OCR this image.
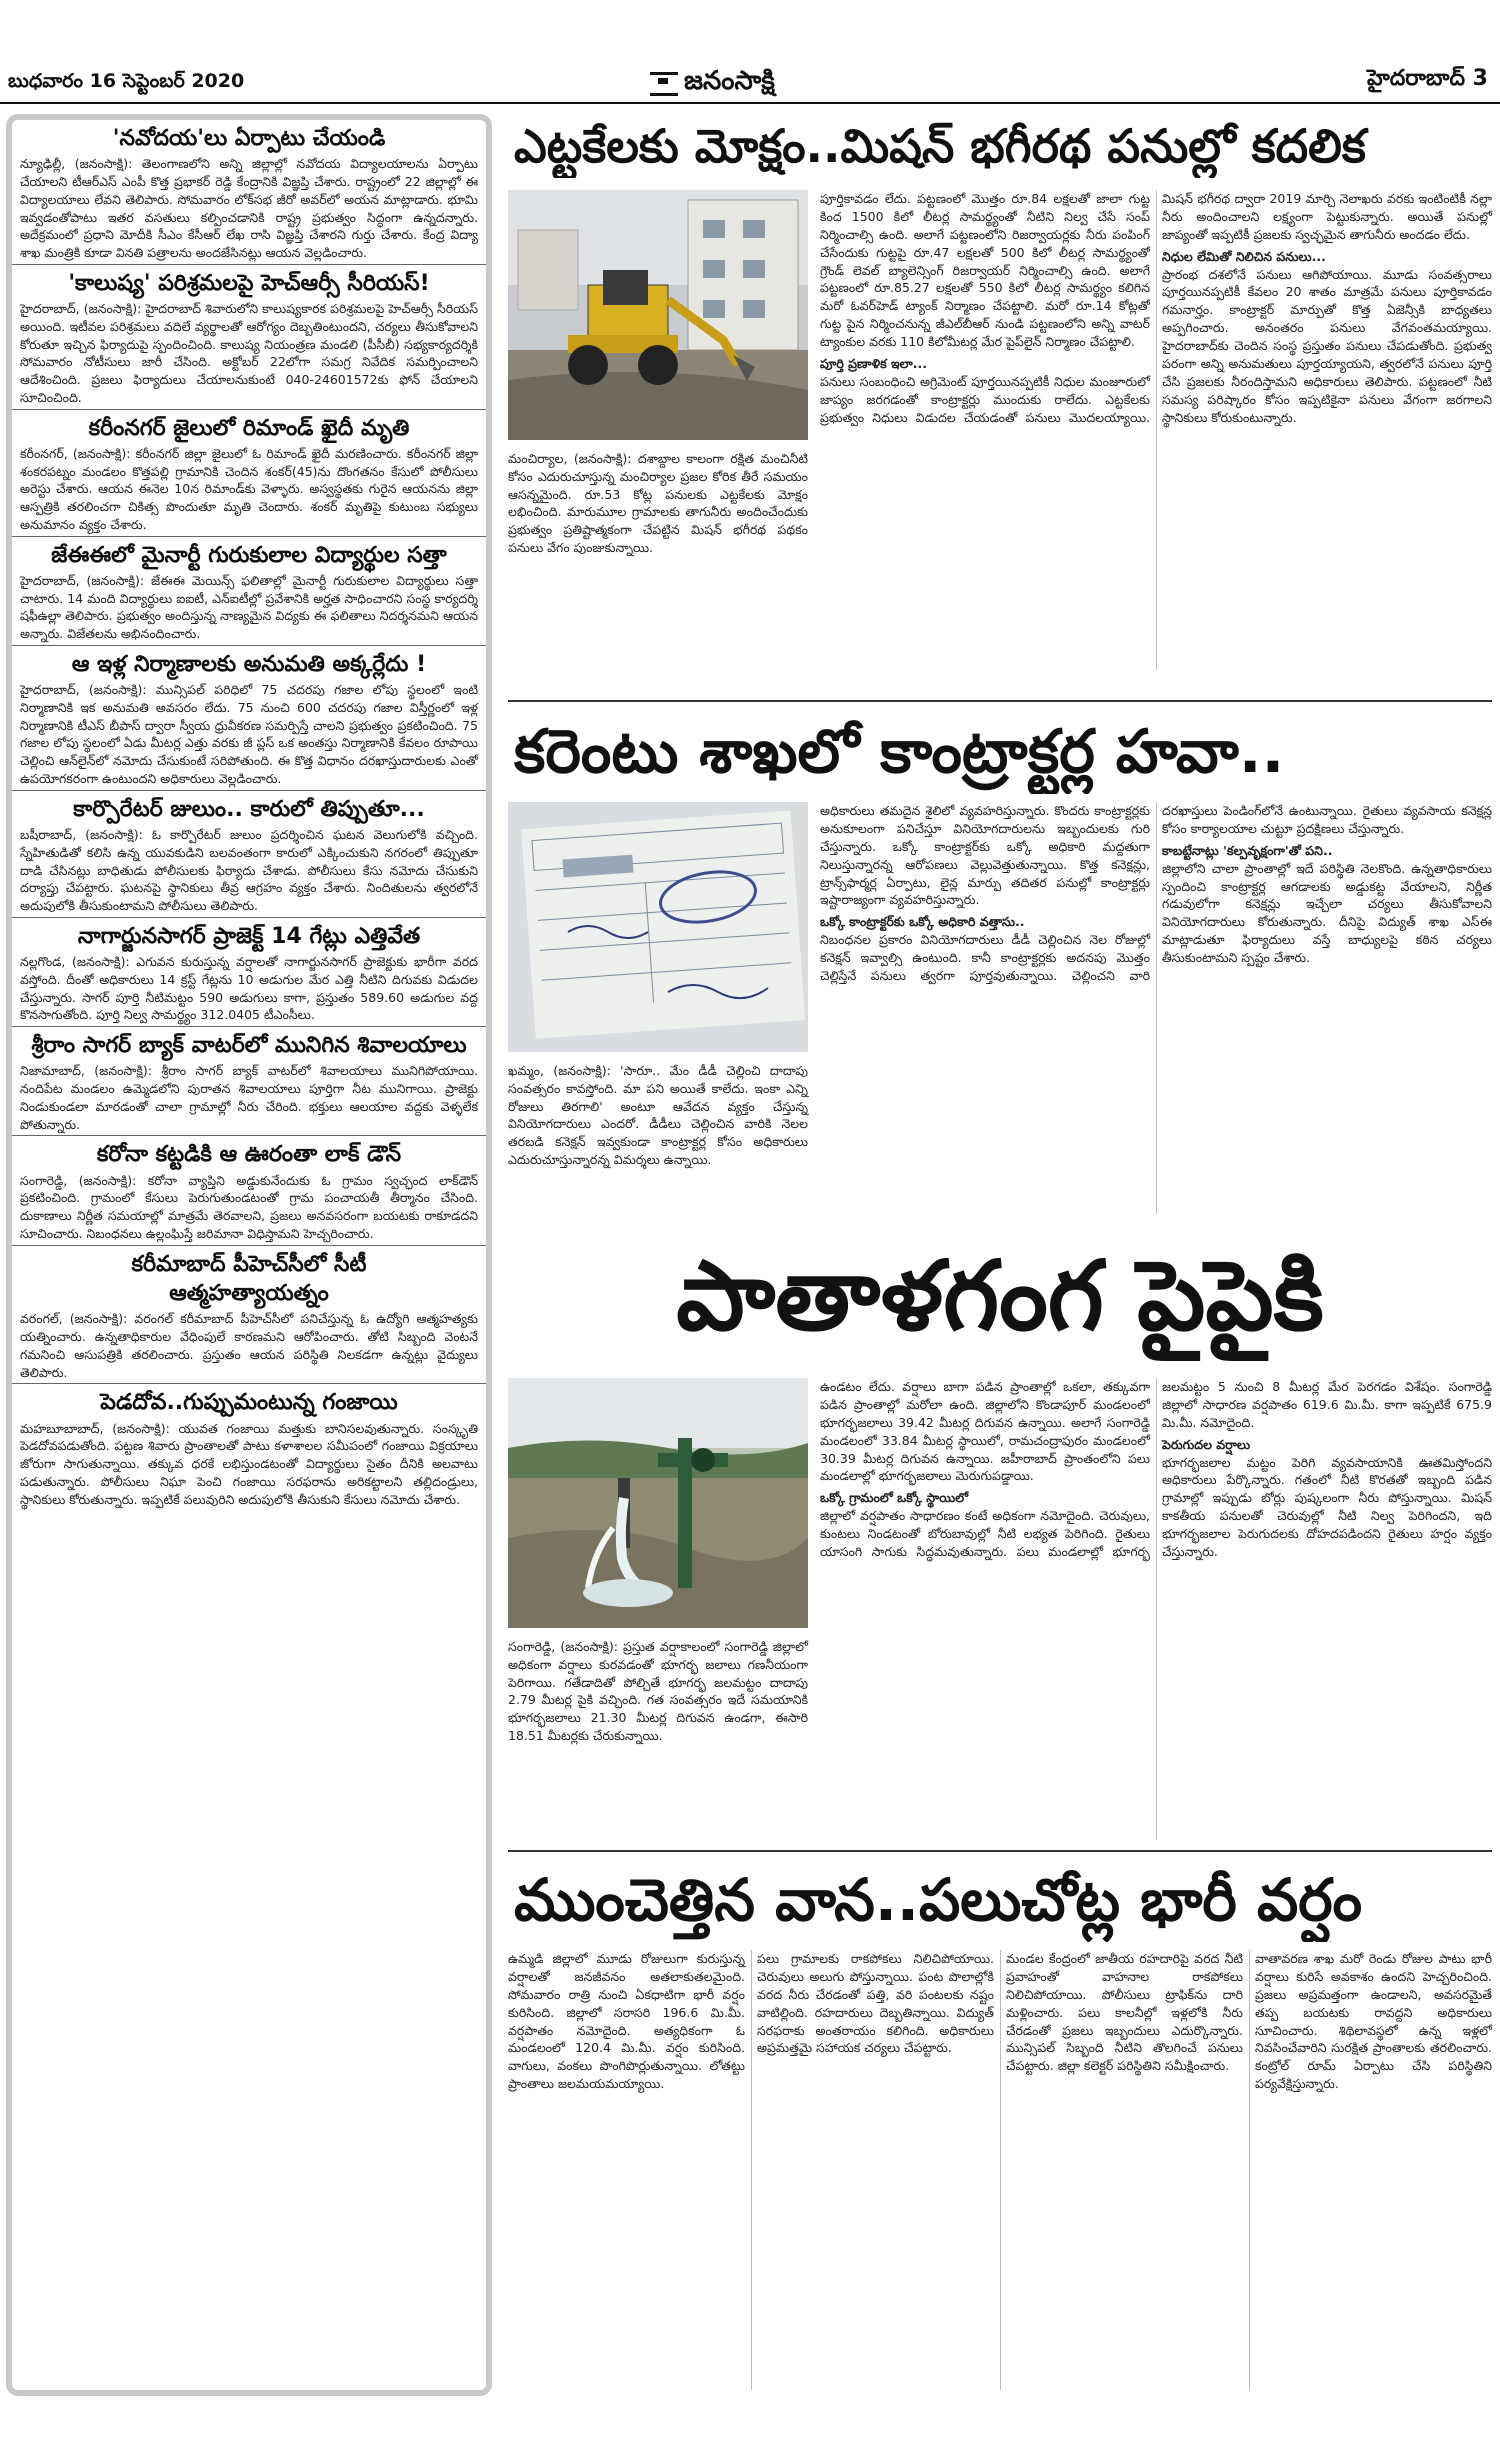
బుధవారం 16 సెప్టెంబర్ 2020	జనంసాక్షి	హైదరాబాద్ 3
'నవోదయ'లు ఏర్పాటు చేయండి

న్యూఢిల్లీ, (జనంసాక్షి): తెలంగాణలోని అన్ని జిల్లాల్లో నవోదయ విద్యాలయాలను ఏర్పాటు చేయాలని టీఆర్ఎస్ ఎంపీ కొత్త ప్రభాకర్ రెడ్డి కేంద్రానికి విజ్ఞప్తి చేశారు. రాష్ట్రంలో 22 జిల్లాల్లో ఈ విద్యాలయాలు లేవని తెలిపారు. సోమవారం లోక్‌సభ జీరో అవర్‌లో అయన మాట్లాడారు. భూమి ఇవ్వడంతోపాటు ఇతర వసతులు కల్పించడానికి రాష్ట్ర ప్రభుత్వం సిద్ధంగా ఉన్నదన్నారు. అదేక్రమంలో ప్రధాని మోదీకి సీఎం కేసీఆర్ లేఖ రాసి విజ్ఞప్తి చేశారని గుర్తు చేశారు. కేంద్ర విద్యా శాఖ మంత్రికి కూడా వినతి పత్రాలను అందజేసినట్లు ఆయన వెల్లడించారు.

'కాలుష్య' పరిశ్రమలపై హెచ్ఆర్సీ సీరియస్!

హైదరాబాద్, (జనంసాక్షి): హైదరాబాద్ శివారులోని కాలుష్యకారక పరిశ్రమలపై హెచ్ఆర్సీ సీరియస్ అయింది. ఇటీవల పరిశ్రమలు వదిలే వ్యర్థాలతో ఆరోగ్యం దెబ్బతింటుందని, చర్యలు తీసుకోవాలని కోరుతూ ఇచ్చిన ఫిర్యాదుపై స్పందించింది. కాలుష్య నియంత్రణ మండలి (పీసీబీ) సభ్యకార్యదర్శికి సోమవారం నోటీసులు జారీ చేసింది. అక్టోబర్ 22లోగా సమగ్ర నివేదిక సమర్పించాలని ఆదేశించింది. ప్రజలు ఫిర్యాదులు చేయాలనుకుంటే 040-24601572కు ఫోన్ చేయాలని సూచించింది.

కరీంనగర్ జైలులో రిమాండ్ ఖైదీ మృతి

కరీంనగర్, (జనంసాక్షి): కరీంనగర్ జిల్లా జైలులో ఓ రిమాండ్ ఖైదీ మరణించారు. కరీంనగర్ జిల్లా శంకరపట్నం మండలం కొత్తపల్లి గ్రామానికి చెందిన శంకర్(45)ను దొంగతనం కేసులో పోలీసులు అరెస్టు చేశారు. ఆయన ఈనెల 10న రిమాండ్‌కు వెళ్ళారు. అస్వస్థతకు గురైన ఆయనను జిల్లా ఆస్పత్రికి తరలించగా చికిత్స పొందుతూ మృతి చెందారు. శంకర్ మృతిపై కుటుంబ సభ్యులు అనుమానం వ్యక్తం చేశారు.

జేఈఈలో మైనార్టీ గురుకులాల విద్యార్థుల సత్తా

హైదరాబాద్, (జనంసాక్షి): జేఈఈ మెయిన్స్ ఫలితాల్లో మైనార్టీ గురుకులాల విద్యార్థులు సత్తా చాటారు. 14 మంది విద్యార్థులు ఐఐటీ, ఎన్ఐటీల్లో ప్రవేశానికి అర్హత సాధించారని సంస్థ కార్యదర్శి షఫీఉల్లా తెలిపారు. ప్రభుత్వం అందిస్తున్న నాణ్యమైన విద్యకు ఈ ఫలితాలు నిదర్శనమని ఆయన అన్నారు. విజేతలను అభినందించారు.

ఆ ఇళ్ల నిర్మాణాలకు అనుమతి అక్కర్లేదు !

హైదరాబాద్, (జనంసాక్షి): మున్సిపల్ పరిధిలో 75 చదరపు గజాల లోపు స్థలంలో ఇంటి నిర్మాణానికి ఇక అనుమతి అవసరం లేదు. 75 నుంచి 600 చదరపు గజాల విస్తీర్ణంలో ఇళ్ల నిర్మాణానికి టీఎస్ బీపాస్ ద్వారా స్వీయ ధ్రువీకరణ సమర్పిస్తే చాలని ప్రభుత్వం ప్రకటించింది. 75 గజాల లోపు స్థలంలో ఏడు మీటర్ల ఎత్తు వరకు జీ ప్లస్ ఒక అంతస్తు నిర్మాణానికి కేవలం రూపాయి చెల్లించి ఆన్‌లైన్‌లో నమోదు చేసుకుంటే సరిపోతుంది. ఈ కొత్త విధానం దరఖాస్తుదారులకు ఎంతో ఉపయోగకరంగా ఉంటుందని అధికారులు వెల్లడించారు.

కార్పొరేటర్ జులుం.. కారులో తిప్పుతూ...

బషీరాబాద్, (జనంసాక్షి): ఓ కార్పొరేటర్ జులుం ప్రదర్శించిన ఘటన వెలుగులోకి వచ్చింది. స్నేహితుడితో కలిసి ఉన్న యువకుడిని బలవంతంగా కారులో ఎక్కించుకుని నగరంలో తిప్పుతూ దాడి చేసినట్లు బాధితుడు పోలీసులకు ఫిర్యాదు చేశాడు. పోలీసులు కేసు నమోదు చేసుకుని దర్యాప్తు చేపట్టారు. ఘటనపై స్థానికులు తీవ్ర ఆగ్రహం వ్యక్తం చేశారు. నిందితులను త్వరలోనే అదుపులోకి తీసుకుంటామని పోలీసులు తెలిపారు.

నాగార్జునసాగర్ ప్రాజెక్ట్ 14 గేట్లు ఎత్తివేత

నల్లగొండ, (జనంసాక్షి): ఎగువన కురుస్తున్న వర్షాలతో నాగార్జునసాగర్ ప్రాజెక్టుకు భారీగా వరద వస్తోంది. దీంతో అధికారులు 14 క్రస్ట్ గేట్లను 10 అడుగుల మేర ఎత్తి నీటిని దిగువకు విడుదల చేస్తున్నారు. సాగర్ పూర్తి నీటిమట్టం 590 అడుగులు కాగా, ప్రస్తుతం 589.60 అడుగుల వద్ద కొనసాగుతోంది. పూర్తి నిల్వ సామర్థ్యం 312.0405 టీఎంసీలు.

శ్రీరాం సాగర్ బ్యాక్ వాటర్‌లో మునిగిన శివాలయాలు

నిజామాబాద్, (జనంసాక్షి): శ్రీరాం సాగర్ బ్యాక్ వాటర్‌లో శివాలయాలు మునిగిపోయాయి. నందిపేట మండలం ఉమ్మెడలోని పురాతన శివాలయాలు పూర్తిగా నీట మునిగాయి. ప్రాజెక్టు నిండుకుండలా మారడంతో చాలా గ్రామాల్లో నీరు చేరింది. భక్తులు ఆలయాల వద్దకు వెళ్ళలేక పోతున్నారు.

కరోనా కట్టడికి ఆ ఊరంతా లాక్ డౌన్

సంగారెడ్డి, (జనంసాక్షి): కరోనా వ్యాప్తిని అడ్డుకునేందుకు ఓ గ్రామం స్వచ్ఛంద లాక్‌డౌన్ ప్రకటించింది. గ్రామంలో కేసులు పెరుగుతుండటంతో గ్రామ పంచాయతీ తీర్మానం చేసింది. దుకాణాలు నిర్ణీత సమయాల్లో మాత్రమే తెరవాలని, ప్రజలు అనవసరంగా బయటకు రాకూడదని సూచించారు. నిబంధనలు ఉల్లంఘిస్తే జరిమానా విధిస్తామని హెచ్చరించారు.

కరీమాబాద్ పీహెచ్‌సీలో సీటీ
ఆత్మహత్యాయత్నం

వరంగల్, (జనంసాక్షి): వరంగల్ కరీమాబాద్ పీహెచ్‌సీలో పనిచేస్తున్న ఓ ఉద్యోగి ఆత్మహత్యకు యత్నించారు. ఉన్నతాధికారుల వేధింపులే కారణమని ఆరోపించారు. తోటి సిబ్బంది వెంటనే గమనించి ఆసుపత్రికి తరలించారు. ప్రస్తుతం ఆయన పరిస్థితి నిలకడగా ఉన్నట్లు వైద్యులు తెలిపారు.

పెడదోవ..గుప్పుమంటున్న గంజాయి

మహబూబాబాద్, (జనంసాక్షి): యువత గంజాయి మత్తుకు బానిసలవుతున్నారు. సంస్కృతి పెడదోవపడుతోంది. పట్టణ శివారు ప్రాంతాలతో పాటు కళాశాలల సమీపంలో గంజాయి విక్రయాలు జోరుగా సాగుతున్నాయి. తక్కువ ధరకే లభిస్తుండటంతో విద్యార్థులు సైతం దీనికి అలవాటు పడుతున్నారు. పోలీసులు నిఘా పెంచి గంజాయి సరఫరాను అరికట్టాలని తల్లిదండ్రులు, స్థానికులు కోరుతున్నారు. ఇప్పటికే పలువురిని అదుపులోకి తీసుకుని కేసులు నమోదు చేశారు.

ఎట్టకేలకు మోక్షం..మిషన్ భగీరథ పనుల్లో కదలిక
మంచిర్యాల, (జనంసాక్షి): దశాబ్దాల కాలంగా రక్షిత మంచినీటి కోసం ఎదురుచూస్తున్న మంచిర్యాల ప్రజల కోరిక తీరే సమయం ఆసన్నమైంది. రూ.53 కోట్ల పనులకు ఎట్టకేలకు మోక్షం లభించింది. మారుమూల గ్రామాలకు తాగునీరు అందించేందుకు ప్రభుత్వం ప్రతిష్టాత్మకంగా చేపట్టిన మిషన్ భగీరథ పథకం పనులు వేగం పుంజుకున్నాయి.

పూర్తికావడం లేదు. పట్టణంలో మొత్తం రూ.84 లక్షలతో జాలా గుట్ట కింద 1500 కిలో లీటర్ల సామర్థ్యంతో నీటిని నిల్వ చేసే సంప్ నిర్మించాల్సి ఉంది. అలాగే పట్టణంలోని రిజర్వాయర్లకు నీరు పంపింగ్ చేసేందుకు గుట్టపై రూ.47 లక్షలతో 500 కిలో లీటర్ల సామర్థ్యంతో గ్రౌండ్ లెవల్ బ్యాలెన్సింగ్ రిజర్వాయర్ నిర్మించాల్సి ఉంది. అలాగే పట్టణంలో రూ.85.27 లక్షలతో 550 కిలో లీటర్ల సామర్థ్యం కలిగిన మరో ఓవర్‌హెడ్ ట్యాంక్ నిర్మాణం చేపట్టాలి. మరో రూ.14 కోట్లతో గుట్ట పైన నిర్మించనున్న జీఎల్‌బీఆర్ నుండి పట్టణంలోని అన్ని వాటర్ ట్యాంకుల వరకు 110 కిలోమీటర్ల మేర పైప్‌లైన్ నిర్మాణం చేపట్టాలి.

పూర్తి ప్రణాళిక ఇలా...

పనులు సంబంధించి అగ్రిమెంట్ పూర్తయినప్పటికీ నిధుల మంజూరులో జాప్యం జరగడంతో కాంట్రాక్టర్లు ముందుకు రాలేదు. ఎట్టకేలకు ప్రభుత్వం నిధులు విడుదల చేయడంతో పనులు మొదలయ్యాయి. మిషన్ భగీరథ ద్వారా 2019 మార్చి నెలాఖరు వరకు ఇంటింటికీ నల్లా నీరు అందించాలని లక్ష్యంగా పెట్టుకున్నారు. అయితే పనుల్లో జాప్యంతో ఇప్పటికీ ప్రజలకు స్వచ్ఛమైన తాగునీరు అందడం లేదు.

నిధుల లేమితో నిలిచిన పనులు...

ప్రారంభ దశలోనే పనులు ఆగిపోయాయి. మూడు సంవత్సరాలు పూర్తయినప్పటికీ కేవలం 20 శాతం మాత్రమే పనులు పూర్తికావడం గమనార్హం. కాంట్రాక్టర్ మార్పుతో కొత్త ఏజెన్సీకి బాధ్యతలు అప్పగించారు. అనంతరం పనులు వేగవంతమయ్యాయి. హైదరాబాద్‌కు చెందిన సంస్థ ప్రస్తుతం పనులు చేపడుతోంది. ప్రభుత్వ పరంగా అన్ని అనుమతులు పూర్తయ్యాయని, త్వరలోనే పనులు పూర్తి చేసి ప్రజలకు నీరందిస్తామని అధికారులు తెలిపారు. పట్టణంలో నీటి సమస్య పరిష్కారం కోసం ఇప్పటికైనా పనులు వేగంగా జరగాలని స్థానికులు కోరుకుంటున్నారు.

కరెంటు శాఖలో కాంట్రాక్టర్ల హవా..
ఖమ్మం, (జనంసాక్షి): 'సారూ.. మేం డీడీ చెల్లించి దాదాపు సంవత్సరం కావస్తోంది. మా పని అయితే కాలేదు. ఇంకా ఎన్ని రోజులు తిరగాలి' అంటూ ఆవేదన వ్యక్తం చేస్తున్న వినియోగదారులు ఎందరో. డీడీలు చెల్లించిన వారికి నెలల తరబడి కనెక్షన్ ఇవ్వకుండా కాంట్రాక్టర్ల కోసం అధికారులు ఎదురుచూస్తున్నారన్న విమర్శలు ఉన్నాయి.

అధికారులు తమదైన శైలిలో వ్యవహరిస్తున్నారు. కొందరు కాంట్రాక్టర్లకు అనుకూలంగా పనిచేస్తూ వినియోగదారులను ఇబ్బందులకు గురి చేస్తున్నారు. ఒక్కో కాంట్రాక్టర్‌కు ఒక్కో అధికారి మద్దతుగా నిలుస్తున్నారన్న ఆరోపణలు వెల్లువెత్తుతున్నాయి. కొత్త కనెక్షన్లు, ట్రాన్స్‌ఫార్మర్ల ఏర్పాటు, లైన్ల మార్పు తదితర పనుల్లో కాంట్రాక్టర్లు ఇష్టారాజ్యంగా వ్యవహరిస్తున్నారు.

ఒక్కో కాంట్రాక్టర్‌కు ఒక్కో అధికారి వత్తాసు..

నిబంధనల ప్రకారం వినియోగదారులు డీడీ చెల్లించిన నెల రోజుల్లో కనెక్షన్ ఇవ్వాల్సి ఉంటుంది. కానీ కాంట్రాక్టర్లకు అదనపు మొత్తం చెల్లిస్తేనే పనులు త్వరగా పూర్తవుతున్నాయి. చెల్లించని వారి దరఖాస్తులు పెండింగ్‌లోనే ఉంటున్నాయి. రైతులు వ్యవసాయ కనెక్షన్ల కోసం కార్యాలయాల చుట్టూ ప్రదక్షిణలు చేస్తున్నారు.

కాబట్టేనాట్లు 'కల్పవృక్షంగా'తో పని..

జిల్లాలోని చాలా ప్రాంతాల్లో ఇదే పరిస్థితి నెలకొంది. ఉన్నతాధికారులు స్పందించి కాంట్రాక్టర్ల ఆగడాలకు అడ్డుకట్ట వేయాలని, నిర్ణీత గడువులోగా కనెక్షన్లు ఇచ్చేలా చర్యలు తీసుకోవాలని వినియోగదారులు కోరుతున్నారు. దీనిపై విద్యుత్ శాఖ ఎస్ఈ మాట్లాడుతూ ఫిర్యాదులు వస్తే బాధ్యులపై కఠిన చర్యలు తీసుకుంటామని స్పష్టం చేశారు.

పాతాళగంగ పైపైకి
సంగారెడ్డి, (జనంసాక్షి): ప్రస్తుత వర్షాకాలంలో సంగారెడ్డి జిల్లాలో అధికంగా వర్షాలు కురవడంతో భూగర్భ జలాలు గణనీయంగా పెరిగాయి. గతేడాదితో పోల్చితే భూగర్భ జలమట్టం దాదాపు 2.79 మీటర్ల పైకి వచ్చింది. గత సంవత్సరం ఇదే సమయానికి భూగర్భజలాలు 21.30 మీటర్ల దిగువన ఉండగా, ఈసారి 18.51 మీటర్లకు చేరుకున్నాయి.

ఉండటం లేదు. వర్షాలు బాగా పడిన ప్రాంతాల్లో ఒకలా, తక్కువగా పడిన ప్రాంతాల్లో మరోలా ఉంది. జిల్లాలోని కొండాపూర్ మండలంలో భూగర్భజలాలు 39.42 మీటర్ల దిగువన ఉన్నాయి. అలాగే సంగారెడ్డి మండలంలో 33.84 మీటర్ల స్థాయిలో, రామచంద్రాపురం మండలంలో 30.39 మీటర్ల దిగువన ఉన్నాయి. జహీరాబాద్ ప్రాంతంలోని పలు మండలాల్లో భూగర్భజలాలు మెరుగుపడ్డాయి.

ఒక్కో గ్రామంలో ఒక్కో స్థాయిలో

జిల్లాలో వర్షపాతం సాధారణం కంటే అధికంగా నమోదైంది. చెరువులు, కుంటలు నిండటంతో బోరుబావుల్లో నీటి లభ్యత పెరిగింది. రైతులు యాసంగి సాగుకు సిద్ధమవుతున్నారు. పలు మండలాల్లో భూగర్భ జలమట్టం 5 నుంచి 8 మీటర్ల మేర పెరగడం విశేషం. సంగారెడ్డి జిల్లాలో సాధారణ వర్షపాతం 619.6 మి.మీ. కాగా ఇప్పటికే 675.9 మి.మీ. నమోదైంది.

పెరుగుదల వర్షాలు

భూగర్భజలాల మట్టం పెరిగి వ్యవసాయానికి ఊతమిస్తోందని అధికారులు పేర్కొన్నారు. గతంలో నీటి కొరతతో ఇబ్బంది పడిన గ్రామాల్లో ఇప్పుడు బోర్లు పుష్కలంగా నీరు పోస్తున్నాయి. మిషన్ కాకతీయ పనులతో చెరువుల్లో నీటి నిల్వ పెరిగిందని, ఇది భూగర్భజలాల పెరుగుదలకు దోహదపడిందని రైతులు హర్షం వ్యక్తం చేస్తున్నారు.

ముంచెత్తిన వాన..పలుచోట్ల భారీ వర్షం

ఉమ్మడి జిల్లాలో మూడు రోజులుగా కురుస్తున్న వర్షాలతో జనజీవనం అతలాకుతలమైంది. సోమవారం రాత్రి నుంచి ఏకధాటిగా భారీ వర్షం కురిసింది. జిల్లాలో సరాసరి 196.6 మి.మీ. వర్షపాతం నమోదైంది. అత్యధికంగా ఓ మండలంలో 120.4 మి.మీ. వర్షం కురిసింది. వాగులు, వంకలు పొంగిపొర్లుతున్నాయి. లోతట్టు ప్రాంతాలు జలమయమయ్యాయి.

పలు గ్రామాలకు రాకపోకలు నిలిచిపోయాయి. చెరువులు అలుగు పోస్తున్నాయి. పంట పొలాల్లోకి వరద నీరు చేరడంతో పత్తి, వరి పంటలకు నష్టం వాటిల్లింది. రహదారులు దెబ్బతిన్నాయి. విద్యుత్ సరఫరాకు అంతరాయం కలిగింది. అధికారులు అప్రమత్తమై సహాయక చర్యలు చేపట్టారు.

మండల కేంద్రంలో జాతీయ రహదారిపై వరద నీటి ప్రవాహంతో వాహనాల రాకపోకలు నిలిచిపోయాయి. పోలీసులు ట్రాఫిక్‌ను దారి మళ్లించారు. పలు కాలనీల్లో ఇళ్లలోకి నీరు చేరడంతో ప్రజలు ఇబ్బందులు ఎదుర్కొన్నారు. మున్సిపల్ సిబ్బంది నీటిని తొలగించే పనులు చేపట్టారు. జిల్లా కలెక్టర్ పరిస్థితిని సమీక్షించారు.

వాతావరణ శాఖ మరో రెండు రోజుల పాటు భారీ వర్షాలు కురిసే అవకాశం ఉందని హెచ్చరించింది. ప్రజలు అప్రమత్తంగా ఉండాలని, అవసరమైతే తప్ప బయటకు రావద్దని అధికారులు సూచించారు. శిథిలావస్థలో ఉన్న ఇళ్లలో నివసించేవారిని సురక్షిత ప్రాంతాలకు తరలించారు. కంట్రోల్ రూమ్ ఏర్పాటు చేసి పరిస్థితిని పర్యవేక్షిస్తున్నారు.
